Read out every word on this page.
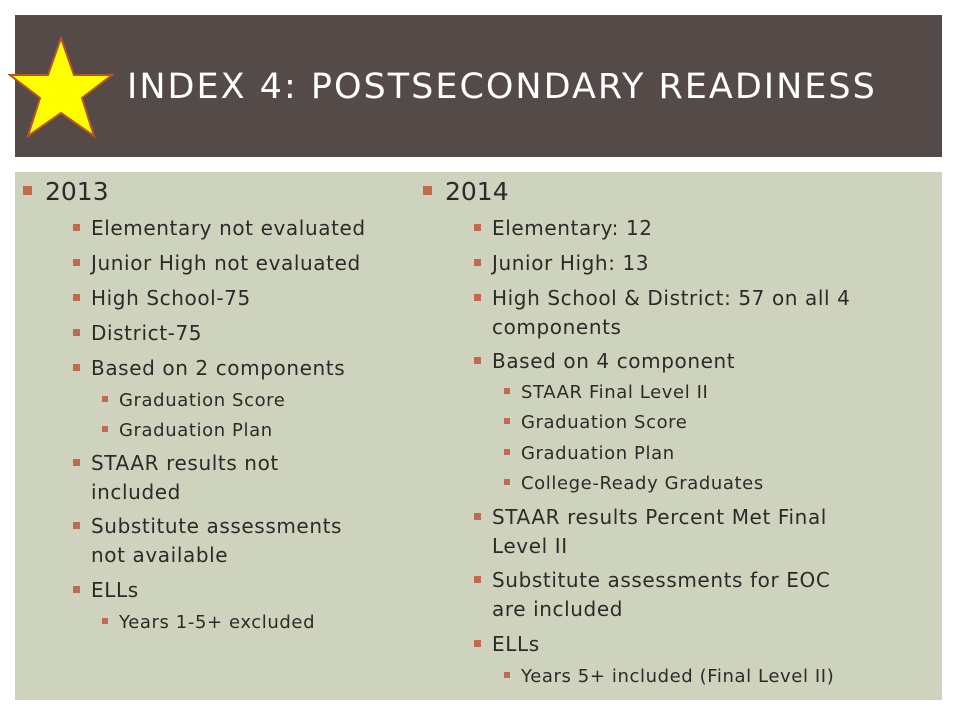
INDEX 4: POSTSECONDARY READINESS
2013
Elementary not evaluated
Junior High not evaluated
High School-75
District-75
Based on 2 components
Graduation Score
Graduation Plan
STAAR results not
included
Substitute assessments
not available
ELLs
Years 1-5+ excluded
2014
Elementary: 12
Junior High: 13
High School & District: 57 on all 4
components
Based on 4 component
STAAR Final Level II
Graduation Score
Graduation Plan
College-Ready Graduates
STAAR results Percent Met Final
Level II
Substitute assessments for EOC
are included
ELLs
Years 5+ included (Final Level II)
